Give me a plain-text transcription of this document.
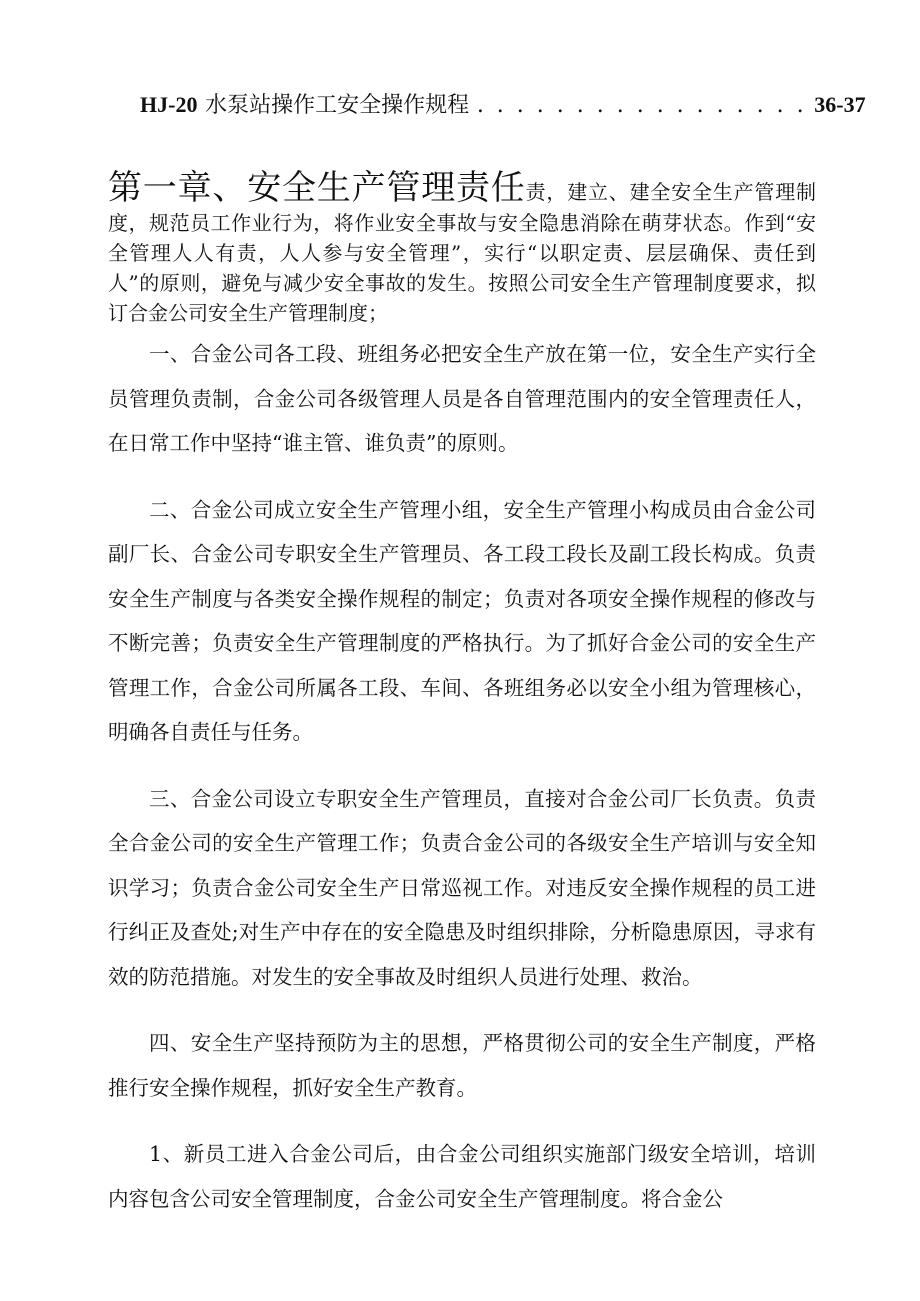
HJ-20 水泵站操作工安全操作规程 . . . . . . . . . . . . . . . . . 36-37
第一章、安全生产管理责任责，建立、建全安全生产管理制度，规范员工作业行为，将作业安全事故与安全隐患消除在萌芽状态。作到“安全管理人人有责，人人参与安全管理”，实行“以职定责、层层确保、责任到人”的原则，避免与减少安全事故的发生。按照公司安全生产管理制度要求，拟订合金公司安全生产管理制度；

一、合金公司各工段、班组务必把安全生产放在第一位，安全生产实行全员管理负责制，合金公司各级管理人员是各自管理范围内的安全管理责任人，在日常工作中坚持“谁主管、谁负责”的原则。

二、合金公司成立安全生产管理小组，安全生产管理小构成员由合金公司副厂长、合金公司专职安全生产管理员、各工段工段长及副工段长构成。负责安全生产制度与各类安全操作规程的制定；负责对各项安全操作规程的修改与不断完善；负责安全生产管理制度的严格执行。为了抓好合金公司的安全生产管理工作，合金公司所属各工段、车间、各班组务必以安全小组为管理核心，明确各自责任与任务。

三、合金公司设立专职安全生产管理员，直接对合金公司厂长负责。负责全合金公司的安全生产管理工作；负责合金公司的各级安全生产培训与安全知识学习；负责合金公司安全生产日常巡视工作。对违反安全操作规程的员工进行纠正及查处;对生产中存在的安全隐患及时组织排除，分析隐患原因，寻求有效的防范措施。对发生的安全事故及时组织人员进行处理、救治。

四、安全生产坚持预防为主的思想，严格贯彻公司的安全生产制度，严格推行安全操作规程，抓好安全生产教育。

1、新员工进入合金公司后，由合金公司组织实施部门级安全培训，培训内容包含公司安全管理制度，合金公司安全生产管理制度。将合金公
